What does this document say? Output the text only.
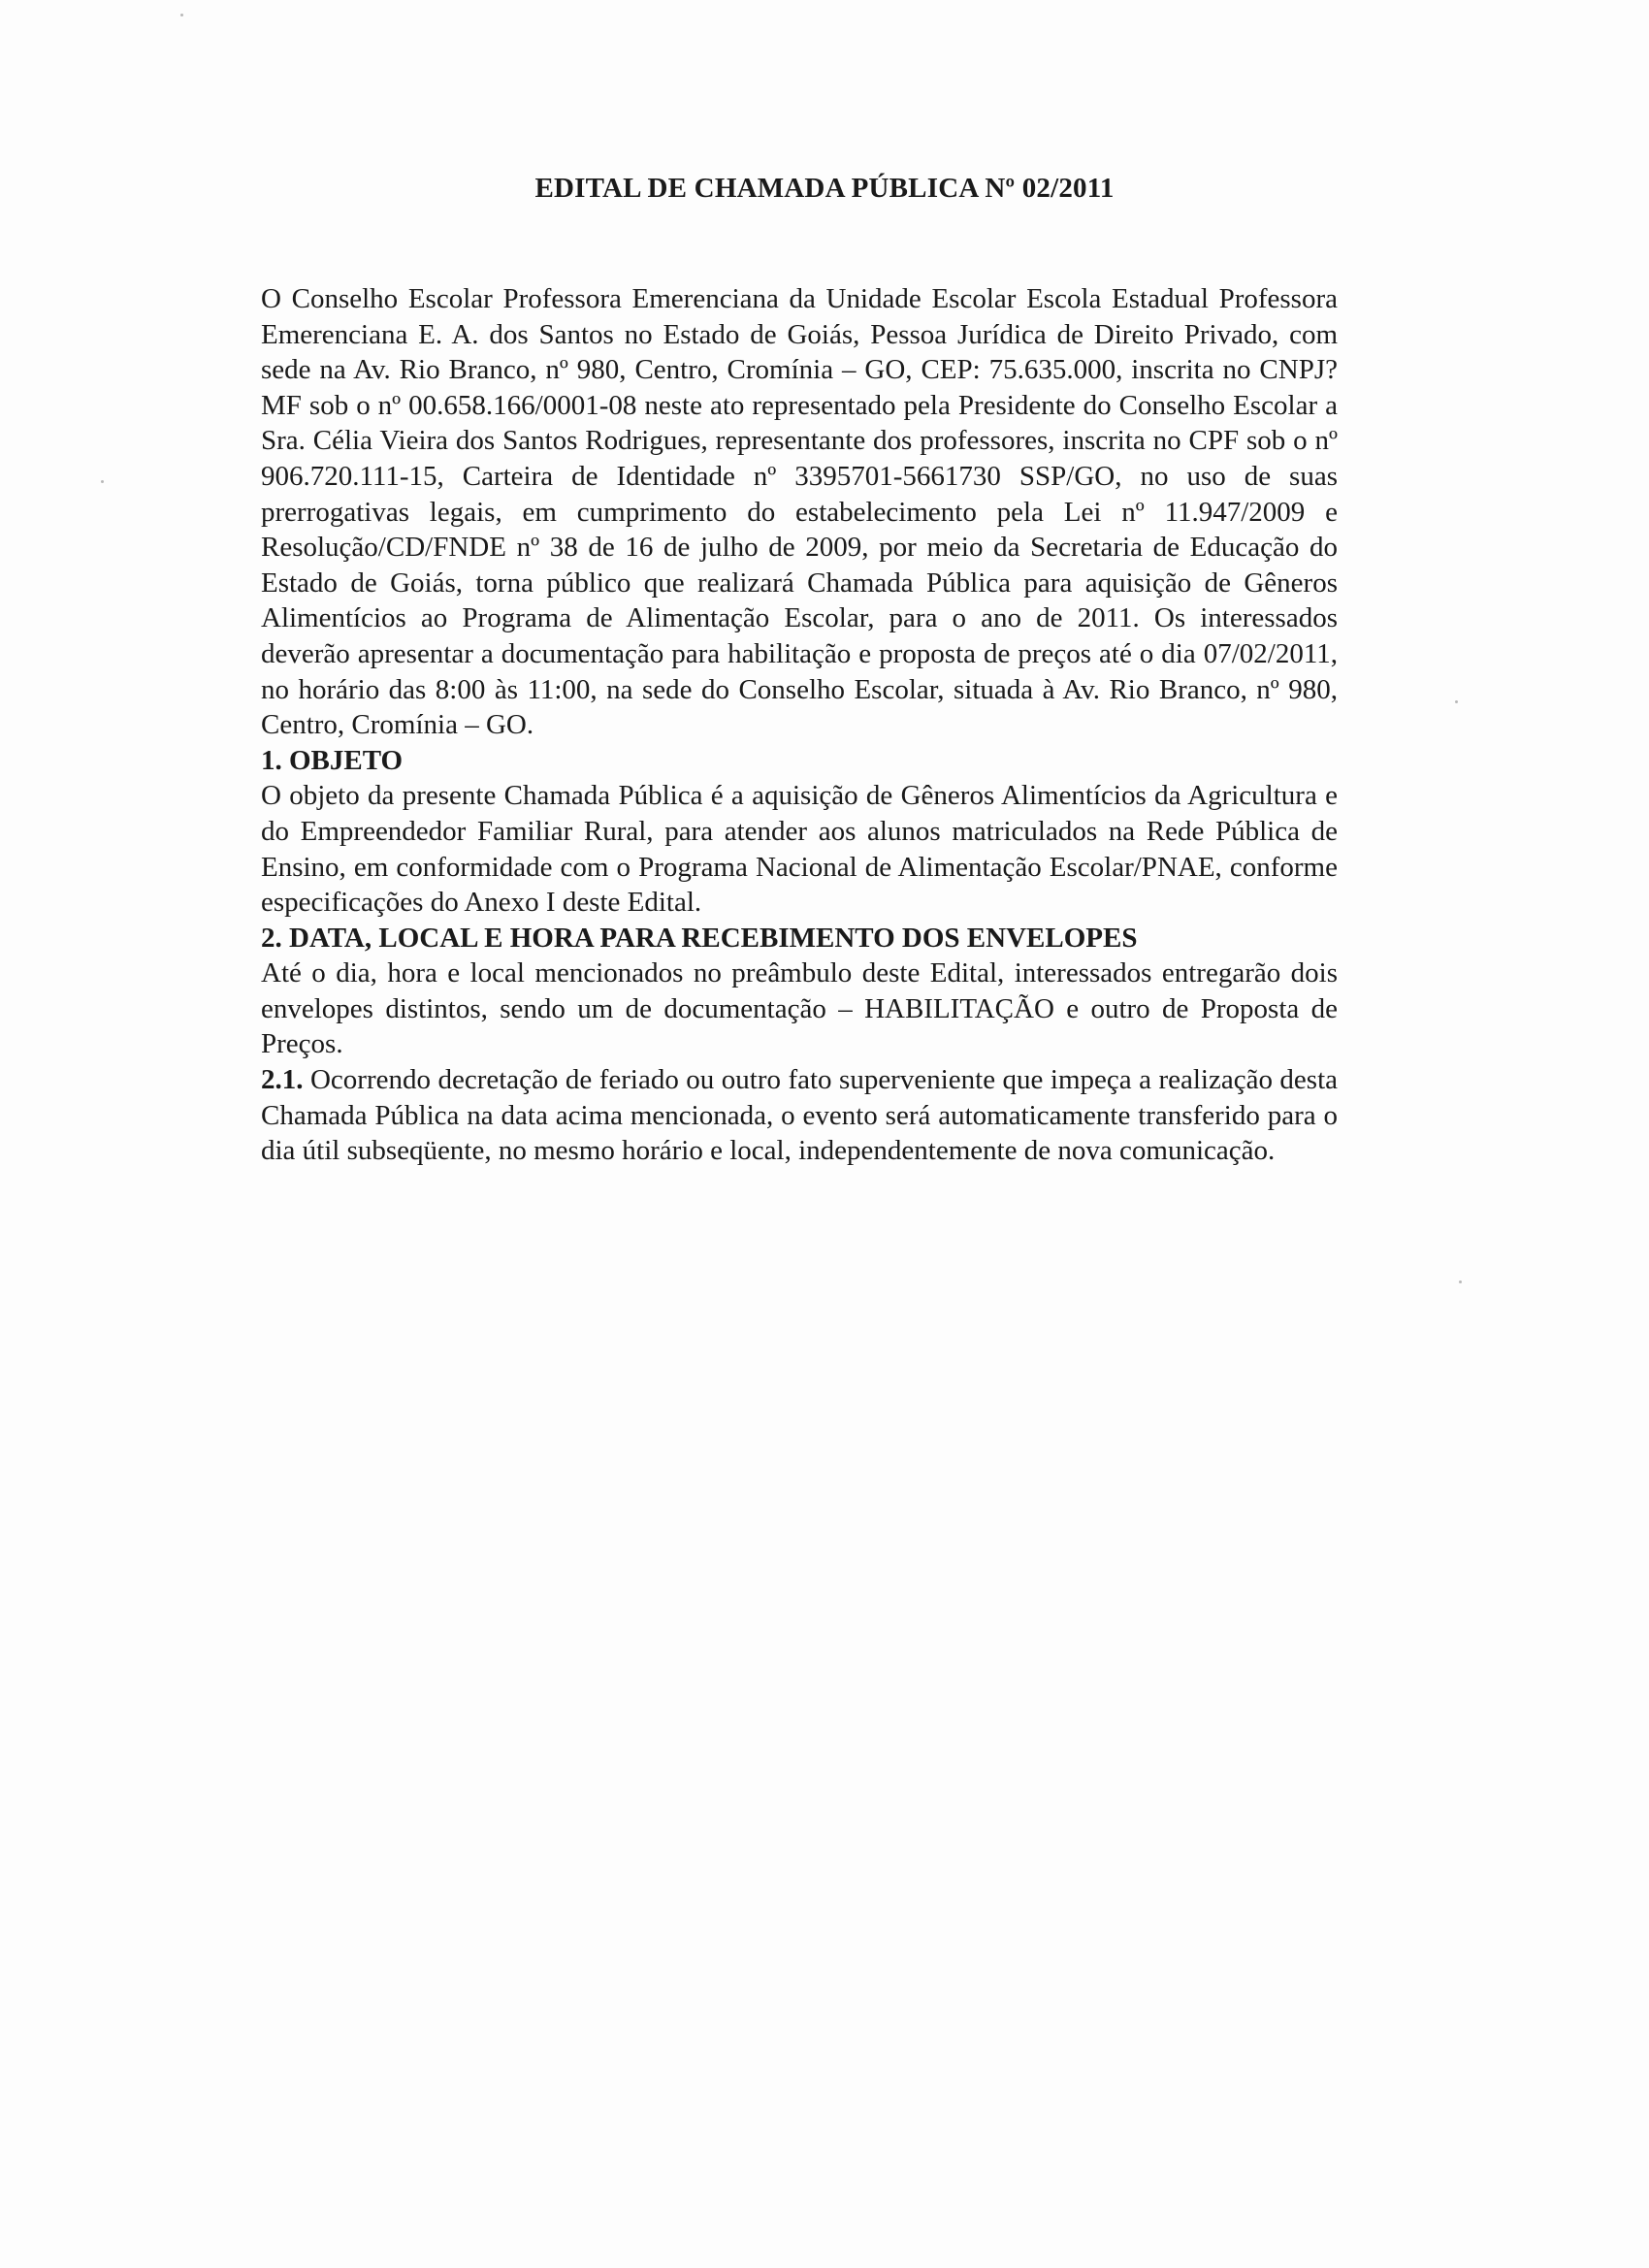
EDITAL DE CHAMADA PÚBLICA Nº 02/2011

O Conselho Escolar Professora Emerenciana da Unidade Escolar Escola Estadual Professora Emerenciana E. A. dos Santos no Estado de Goiás, Pessoa Jurídica de Direito Privado, com sede na Av. Rio Branco, nº 980, Centro, Cromínia – GO, CEP: 75.635.000, inscrita no CNPJ?MF sob o nº 00.658.166/0001-08 neste ato representado pela Presidente do Conselho Escolar a Sra. Célia Vieira dos Santos Rodrigues, representante dos professores, inscrita no CPF sob o nº 906.720.111-15, Carteira de Identidade nº 3395701-5661730 SSP/GO, no uso de suas prerrogativas legais, em cumprimento do estabelecimento pela Lei nº 11.947/2009 e Resolução/CD/FNDE nº 38 de 16 de julho de 2009, por meio da Secretaria de Educação do Estado de Goiás, torna público que realizará Chamada Pública para aquisição de Gêneros Alimentícios ao Programa de Alimentação Escolar, para o ano de 2011. Os interessados deverão apresentar a documentação para habilitação e proposta de preços até o dia 07/02/2011, no horário das 8:00 às 11:00, na sede do Conselho Escolar, situada à Av. Rio Branco, nº 980, Centro, Cromínia – GO.

1. OBJETO

O objeto da presente Chamada Pública é a aquisição de Gêneros Alimentícios da Agricultura e do Empreendedor Familiar Rural, para atender aos alunos matriculados na Rede Pública de Ensino, em conformidade com o Programa Nacional de Alimentação Escolar/PNAE, conforme especificações do Anexo I deste Edital.

2. DATA, LOCAL E HORA PARA RECEBIMENTO DOS ENVELOPES

Até o dia, hora e local mencionados no preâmbulo deste Edital, interessados entregarão dois envelopes distintos, sendo um de documentação – HABILITAÇÃO e outro de Proposta de Preços.

2.1. Ocorrendo decretação de feriado ou outro fato superveniente que impeça a realização desta Chamada Pública na data acima mencionada, o evento será automaticamente transferido para o dia útil subseqüente, no mesmo horário e local, independentemente de nova comunicação.
